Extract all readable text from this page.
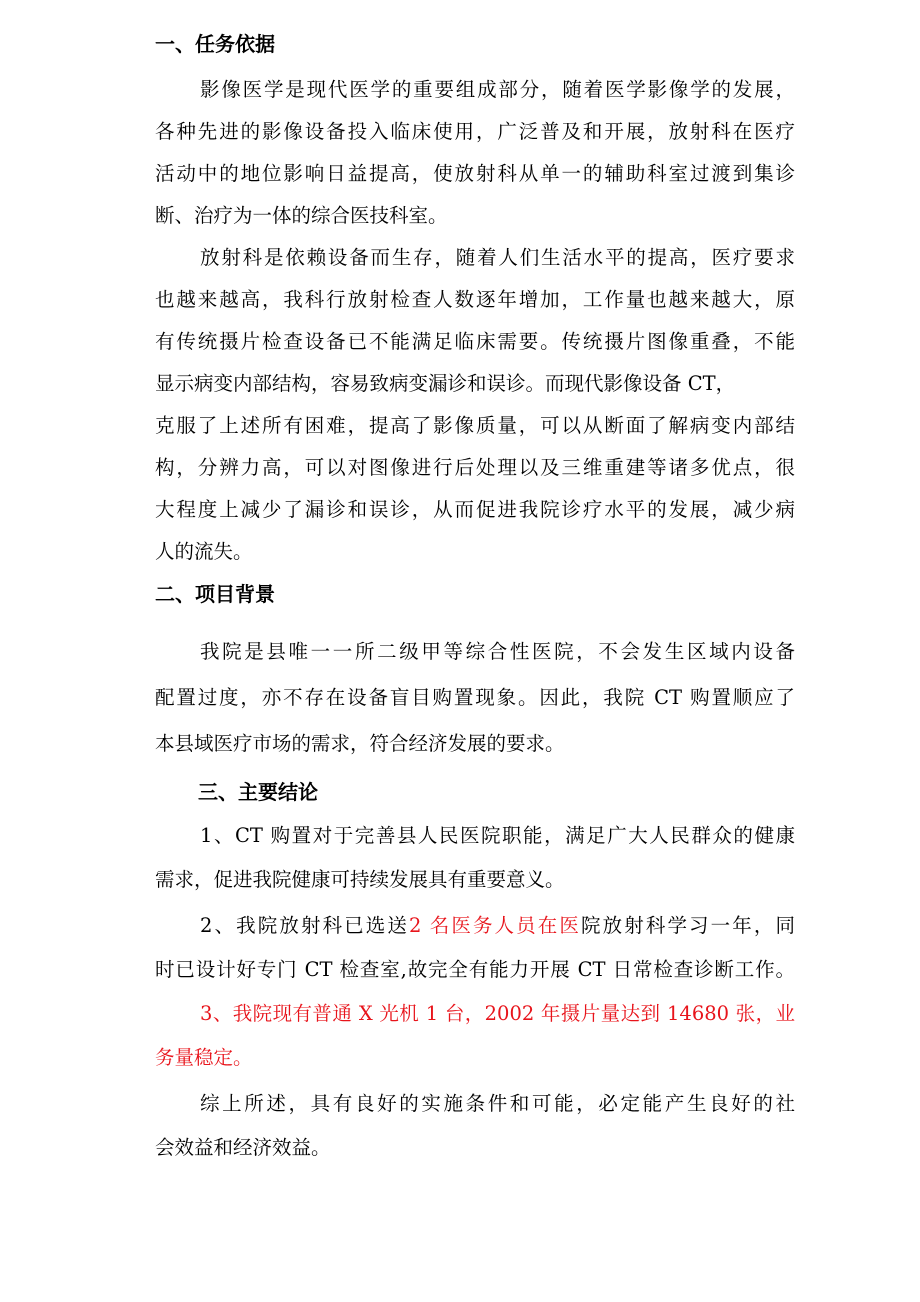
一、任务依据
影像医学是现代医学的重要组成部分，随着医学影像学的发展，
各种先进的影像设备投入临床使用，广泛普及和开展，放射科在医疗
活动中的地位影响日益提高，使放射科从单一的辅助科室过渡到集诊
断、治疗为一体的综合医技科室。
放射科是依赖设备而生存，随着人们生活水平的提高，医疗要求
也越来越高，我科行放射检查人数逐年增加，工作量也越来越大，原
有传统摄片检查设备已不能满足临床需要。传统摄片图像重叠，不能
显示病变内部结构，容易致病变漏诊和误诊。而现代影像设备 CT，
克服了上述所有困难，提高了影像质量，可以从断面了解病变内部结
构，分辨力高，可以对图像进行后处理以及三维重建等诸多优点，很
大程度上减少了漏诊和误诊，从而促进我院诊疗水平的发展，减少病
人的流失。
二、项目背景
我院是县唯一一所二级甲等综合性医院，不会发生区域内设备
配置过度，亦不存在设备盲目购置现象。因此，我院 CT 购置顺应了
本县域医疗市场的需求，符合经济发展的要求。
三、主要结论
1、CT 购置对于完善县人民医院职能，满足广大人民群众的健康
需求，促进我院健康可持续发展具有重要意义。
2、我院放射科已选送2 名医务人员在医院放射科学习一年，同
时已设计好专门 CT 检查室,故完全有能力开展 CT 日常检查诊断工作。
3、我院现有普通 X 光机 1 台，2002 年摄片量达到 14680 张，业
务量稳定。
综上所述，具有良好的实施条件和可能，必定能产生良好的社
会效益和经济效益。
